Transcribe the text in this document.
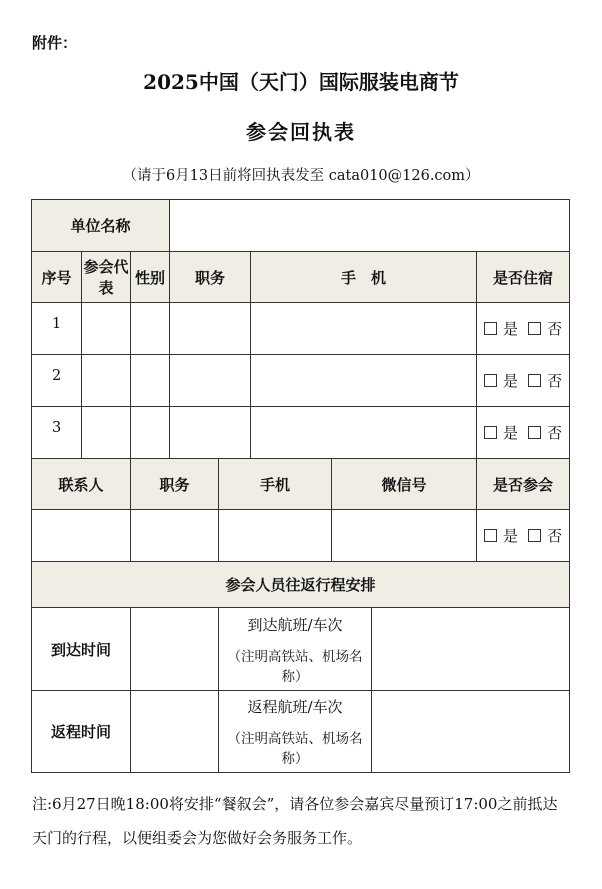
附件：
2025中国（天门）国际服装电商节
参会回执表
（请于6月13日前将回执表发至 cata010@126.com）
单位名称								
序号	参会代表	性别	职务		手　机			是否住宿
1								是 否
2								是 否
3								是 否
联系人		职务		手机		微信号		是否参会
								是 否
参会人员往返行程安排								
到达时间				到达航班/车次
（注明高铁站、机场名称）				

返程时间				返程航班/车次
（注明高铁站、机场名称）				

注:6月27日晚18:00将安排“餐叙会”，请各位参会嘉宾尽量预订17:00之前抵达天门的行程，以便组委会为您做好会务服务工作。
